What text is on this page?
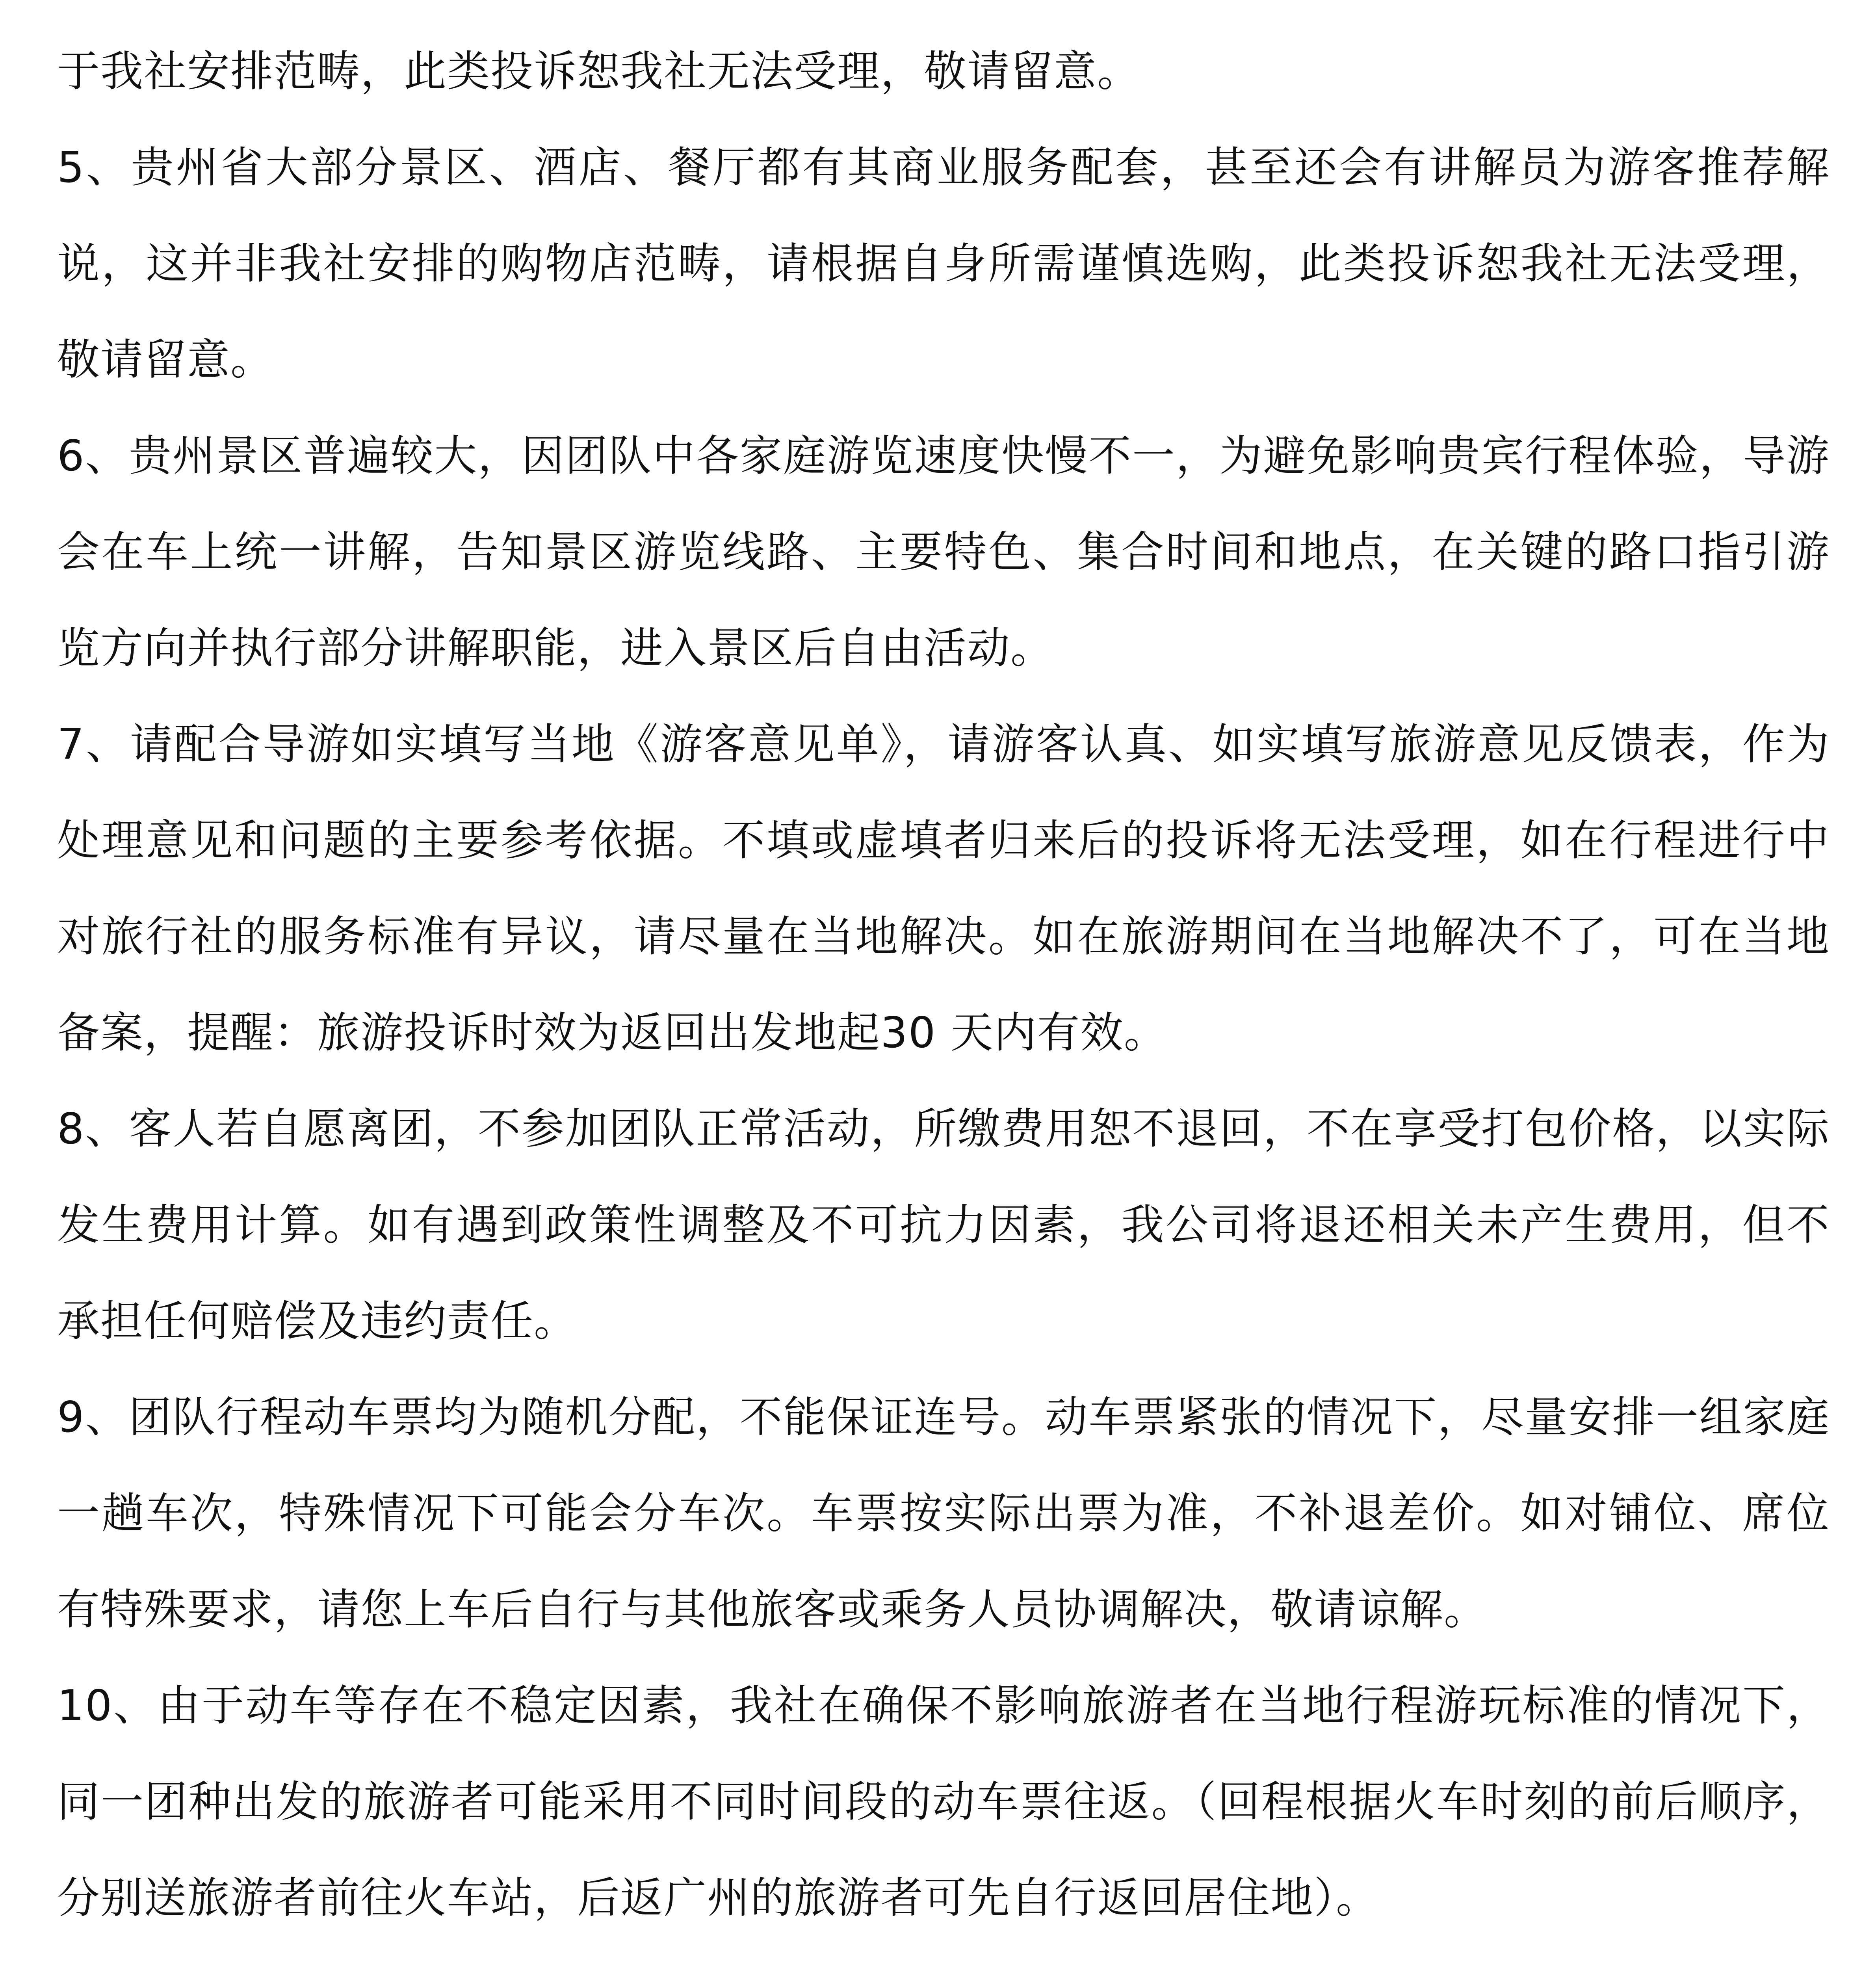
于我社安排范畴，此类投诉恕我社无法受理，敬请留意。

5、贵州省大部分景区、酒店、餐厅都有其商业服务配套，甚至还会有讲解员为游客推荐解说，这并非我社安排的购物店范畴，请根据自身所需谨慎选购，此类投诉恕我社无法受理，敬请留意。

6、贵州景区普遍较大，因团队中各家庭游览速度快慢不一，为避免影响贵宾行程体验，导游会在车上统一讲解，告知景区游览线路、主要特色、集合时间和地点，在关键的路口指引游览方向并执行部分讲解职能，进入景区后自由活动。

7、请配合导游如实填写当地《游客意见单》，请游客认真、如实填写旅游意见反馈表，作为处理意见和问题的主要参考依据。不填或虚填者归来后的投诉将无法受理，如在行程进行中对旅行社的服务标准有异议，请尽量在当地解决。如在旅游期间在当地解决不了，可在当地备案，提醒：旅游投诉时效为返回出发地起30 天内有效。

8、客人若自愿离团，不参加团队正常活动，所缴费用恕不退回，不在享受打包价格，以实际发生费用计算。如有遇到政策性调整及不可抗力因素，我公司将退还相关未产生费用，但不承担任何赔偿及违约责任。

9、团队行程动车票均为随机分配，不能保证连号。动车票紧张的情况下，尽量安排一组家庭一趟车次，特殊情况下可能会分车次。车票按实际出票为准，不补退差价。如对铺位、席位有特殊要求，请您上车后自行与其他旅客或乘务人员协调解决，敬请谅解。

10、由于动车等存在不稳定因素，我社在确保不影响旅游者在当地行程游玩标准的情况下，同一团种出发的旅游者可能采用不同时间段的动车票往返。（回程根据火车时刻的前后顺序，分别送旅游者前往火车站，后返广州的旅游者可先自行返回居住地）。
